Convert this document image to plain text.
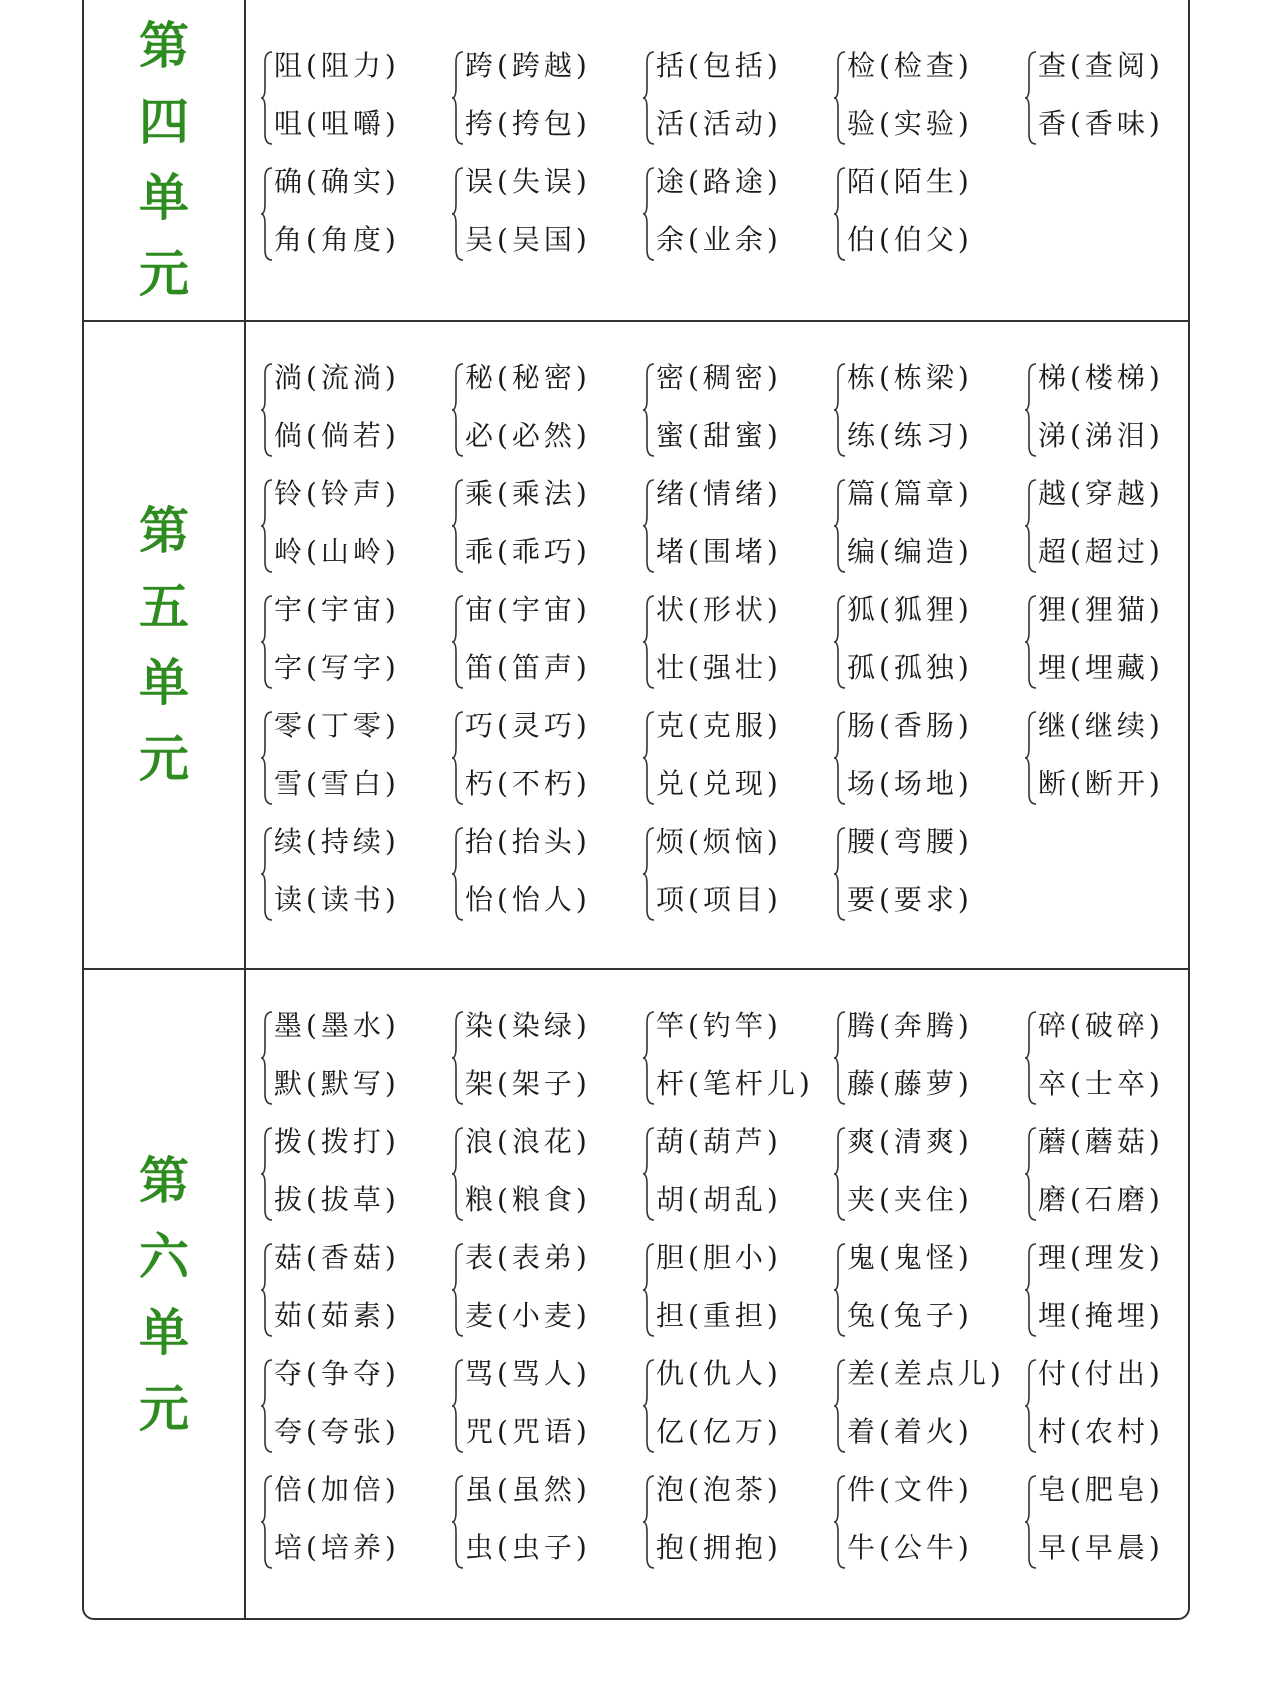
第
四
单
元
阻(阻力)
咀(咀嚼)
跨(跨越)
挎(挎包)
括(包括)
活(活动)
检(检查)
验(实验)
查(查阅)
香(香味)
确(确实)
角(角度)
误(失误)
吴(吴国)
途(路途)
余(业余)
陌(陌生)
伯(伯父)
第
五
单
元
淌(流淌)
倘(倘若)
秘(秘密)
必(必然)
密(稠密)
蜜(甜蜜)
栋(栋梁)
练(练习)
梯(楼梯)
涕(涕泪)
铃(铃声)
岭(山岭)
乘(乘法)
乖(乖巧)
绪(情绪)
堵(围堵)
篇(篇章)
编(编造)
越(穿越)
超(超过)
宇(宇宙)
字(写字)
宙(宇宙)
笛(笛声)
状(形状)
壮(强壮)
狐(狐狸)
孤(孤独)
狸(狸猫)
埋(埋藏)
零(丁零)
雪(雪白)
巧(灵巧)
朽(不朽)
克(克服)
兑(兑现)
肠(香肠)
场(场地)
继(继续)
断(断开)
续(持续)
读(读书)
抬(抬头)
怡(怡人)
烦(烦恼)
项(项目)
腰(弯腰)
要(要求)
第
六
单
元
墨(墨水)
默(默写)
染(染绿)
架(架子)
竿(钓竿)
杆(笔杆儿)
腾(奔腾)
藤(藤萝)
碎(破碎)
卒(士卒)
拨(拨打)
拔(拔草)
浪(浪花)
粮(粮食)
葫(葫芦)
胡(胡乱)
爽(清爽)
夹(夹住)
蘑(蘑菇)
磨(石磨)
菇(香菇)
茹(茹素)
表(表弟)
麦(小麦)
胆(胆小)
担(重担)
鬼(鬼怪)
兔(兔子)
理(理发)
埋(掩埋)
夺(争夺)
夸(夸张)
骂(骂人)
咒(咒语)
仇(仇人)
亿(亿万)
差(差点儿)
着(着火)
付(付出)
村(农村)
倍(加倍)
培(培养)
虽(虽然)
虫(虫子)
泡(泡茶)
抱(拥抱)
件(文件)
牛(公牛)
皂(肥皂)
早(早晨)
